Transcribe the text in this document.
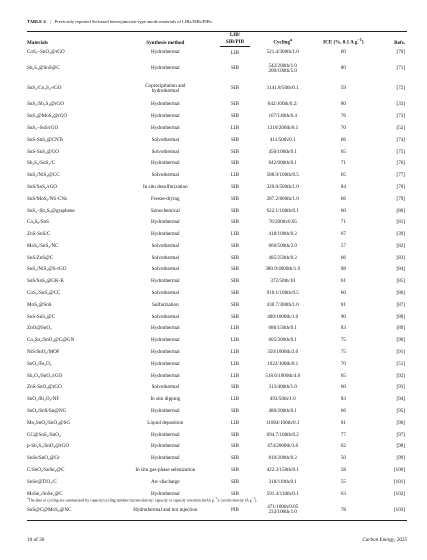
TABLE 4 | Previously reported Sn-based heterojunction-type anode materials of LIBs/SIBs/PIBs.
Materials	Synthesis method	LIB/	Cycling$^a$	ICE (%, 0.1 A $g^{-1}$)	Refs.
		SIB/PIB			
CoS₂–SnO₂@rGO	Hydrothermal	LIB	521.4/300th/1.0	60	[70]
Sb₂S₃@SnS@C	Hydrothermal	SIB	542/200th/1.0
200/100th/5.0	80	[71]
SnS₂/Co₃S₄-rGO	Coprecipitation and
hydrothermal	SIB	1141.8/50th/0.1	59	[72]
SnS₂/Sb₂S₃@rGO	Hydrothermal	SIB	642/100th/0.2/	80	[33]
SnS₂@MoS₂@rGO	Hydrothermal	SIB	167/140th/6.4	76	[73]
SnS₂–SnS/rGO	Hydrothermal	LIB	1310/200th/0.1	70	[52]
SnS-SnS₂@CNTs	Solvothermal	SIB	411/50th/0.1	66	[74]
SnS-SnS₂@GO	Solvothermal	SIB	450/100th/0.1	65	[75]
Sb₂S₃/SnS₂/C	Hydrothermal	SIB	642/600th/0.1	71	[76]
SnS₂/NiS₂@CC	Solvothermal	LIB	588.9/100th/0.5	65	[77]
SnS/SnS₂/rGO	In situ desulfurization	SIB	320.0/500th/1.0	84	[78]
SnS/MoS₂/NS-CNs	Freeze-drying	SIB	287.2/800th/1.0	66	[79]
SnS₂–Sb₂S₃@graphene	Sonochemical	SIB	622.1/100th/0.1	60	[80]
Co₉S₈/SnS	Hydrothermal	SIB	76/200th/0.05	71	[81]
ZnS-SnS/C	Hydrothermal	LIB	418/100th/0.2	67	[39]
MoS₂/SnS₂/NC	Solvothermal	SIB	660/500th/2.0	57	[82]
SnS/ZnS@C	Solvothermal	SIB	485/250th/0.2	66	[83]
SnS₂/NiS₂@S-rGO	Solvothermal	SIB	380.9/4000th/1.0	88	[84]
SnS/SnS₂@GK-K	Hydrothermal	SIB	372/50th/10	61	[85]
CoS₂/SnS₂@CC	Solvothermal	SIB	910.1/100th/0.5	60	[86]
MoS₂@SnS	Sulfurization	SIB	430.7/300th/1.0	81	[87]
SnS-SnS₂@C	Solvothermal	SIB	400/1000th/1.0	90	[88]
ZnO@SnO₂	Hydrothermal	LIB	686/150th/0.1	83	[89]
Co₃Sn₂/SnO₂@C@GN	Hydrothermal	LIB	605/300th/0.1	75	[90]
NiS/SnO₂/MOF	Hydrothermal	LIB	350/1000th/2.0	75	[91]
SnO₂/Fe₂O₃	Hydrothermal	LIB	1022/100th/0.1	70	[51]
Sb₂O₃/SnO₂/rGO	Hydrothermal	LIB	518.6/1000th/4.0	65	[92]
ZnS-SnO₂@rGO	Solvothermal	SIB	313/400th/1.0	60	[93]
SnO₂/Bi₂O₃/NF	In situ dipping	LIB	493/50th/1.0	83	[94]
SnO₂/SnS/Sn@NG	Hydrothermal	SIB	480/200th/0.1	66	[95]
Mn₂SnO₄/SnO₂@SG	Liquid deposition	LIB	11804/100th/0.1	81	[96]
CC@SnS₂/SnO₂	Hydrothermal	SIB	694.7/100th/0.2	77	[97]
p-Sb₂S₃/SnO₂@rGO	Hydrothermal	SIB	474/2000th/3.0	62	[98]
SnSe/SnO₂@Gr	Hydrothermal	SIB	810/200th/0.2	50	[99]
C/SnO₂/SnSe₂@C	In situ gas-phase selenization	SIB	422.3/150th/0.1	58	[100]
SnSe@TiO₂/C	Arc-discharge	SIB	318/110th/0.1	55	[101]
MoSe₂/SnSe₂@C	Hydrothermal	SIB	591.4/110th/0.1	63	[102]
SnS@C@MoS₂@NC	Hydrothermal and hot injection	PIB	471/100th/0.05
233/100th/1.0	78	[103]
$^a$The data of cycling are summarized by capacity/cycling number/current density; capacity or capacity retention (mAh $g^{-1}$); current density (A $g^{-1}$).
10 of 36	Carbon Energy, 2025
